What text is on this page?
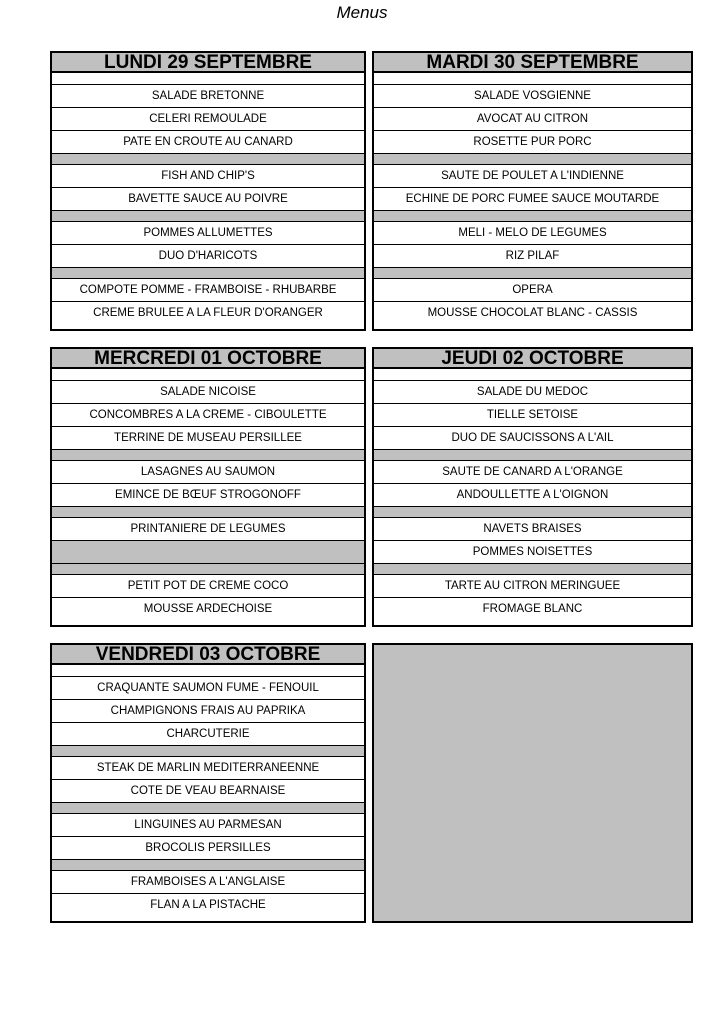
Menus
LUNDI 29 SEPTEMBRE
SALADE BRETONNE
CELERI REMOULADE
PATE EN CROUTE AU CANARD
FISH AND CHIP'S
BAVETTE SAUCE AU POIVRE
POMMES ALLUMETTES
DUO D'HARICOTS
COMPOTE POMME - FRAMBOISE - RHUBARBE
CREME BRULEE A LA FLEUR D'ORANGER
MARDI 30 SEPTEMBRE
SALADE VOSGIENNE
AVOCAT AU CITRON
ROSETTE PUR PORC
SAUTE DE POULET A L'INDIENNE
ECHINE DE PORC FUMEE SAUCE MOUTARDE
MELI - MELO DE LEGUMES
RIZ PILAF
OPERA
MOUSSE CHOCOLAT BLANC - CASSIS
MERCREDI 01 OCTOBRE
SALADE NICOISE
CONCOMBRES A LA CREME - CIBOULETTE
TERRINE DE MUSEAU PERSILLEE
LASAGNES AU SAUMON
EMINCE DE BŒUF STROGONOFF
PRINTANIERE DE LEGUMES
PETIT POT DE CREME COCO
MOUSSE ARDECHOISE
JEUDI 02 OCTOBRE
SALADE DU MEDOC
TIELLE SETOISE
DUO DE SAUCISSONS A L'AIL
SAUTE DE CANARD A L'ORANGE
ANDOULLETTE A L'OIGNON
NAVETS BRAISES
POMMES NOISETTES
TARTE AU CITRON MERINGUEE
FROMAGE BLANC
VENDREDI 03 OCTOBRE
CRAQUANTE SAUMON FUME - FENOUIL
CHAMPIGNONS FRAIS AU PAPRIKA
CHARCUTERIE
STEAK DE MARLIN MEDITERRANEENNE
COTE DE VEAU BEARNAISE
LINGUINES AU PARMESAN
BROCOLIS PERSILLES
FRAMBOISES A L'ANGLAISE
FLAN A LA PISTACHE
